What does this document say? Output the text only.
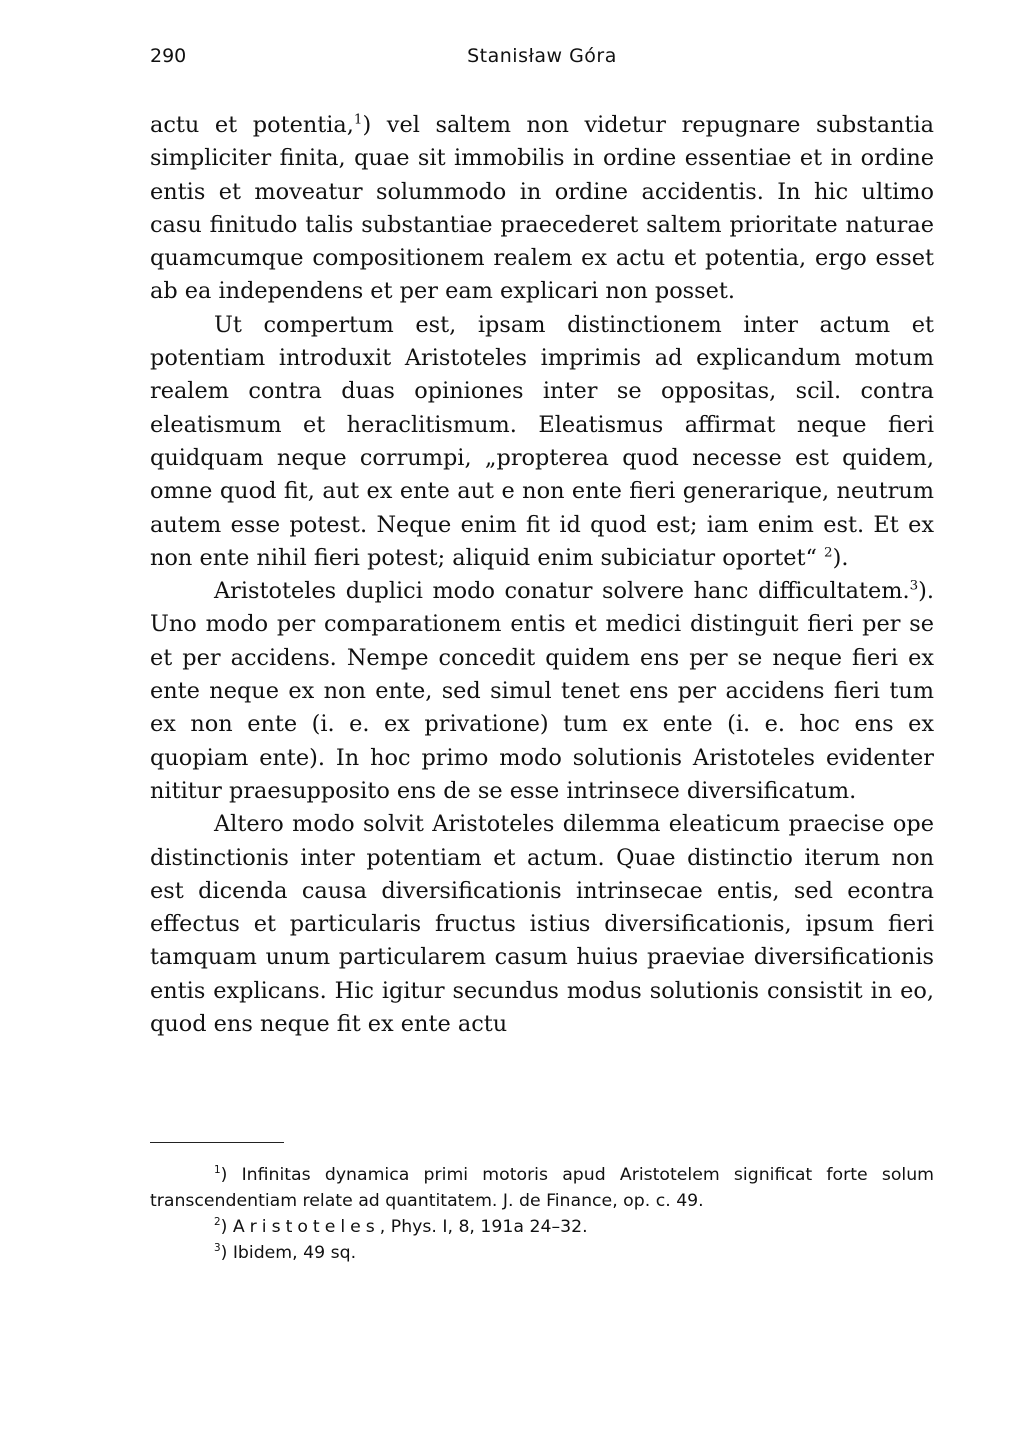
290	Stanisław Góra

actu et potentia,$^1$) vel saltem non videtur repugnare substantia simpliciter finita, quae sit immobilis in ordine essentiae et in ordine entis et moveatur solummodo in ordine accidentis. In hic ultimo casu finitudo talis substantiae praecederet saltem prioritate naturae quamcumque compositionem realem ex actu et potentia, ergo esset ab ea independens et per eam explicari non posset.

Ut compertum est, ipsam distinctionem inter actum et potentiam introduxit Aristoteles imprimis ad explicandum motum realem contra duas opiniones inter se oppositas, scil. contra eleatismum et heraclitismum. Eleatismus affirmat neque fieri quidquam neque corrumpi, „propterea quod necesse est quidem, omne quod fit, aut ex ente aut e non ente fieri generarique, neutrum autem esse potest. Neque enim fit id quod est; iam enim est. Et ex non ente nihil fieri potest; aliquid enim subiciatur oportet“ $^2$).

Aristoteles duplici modo conatur solvere hanc difficultatem.$^3$). Uno modo per comparationem entis et medici distinguit fieri per se et per accidens. Nempe concedit quidem ens per se neque fieri ex ente neque ex non ente, sed simul tenet ens per accidens fieri tum ex non ente (i. e. ex privatione) tum ex ente (i. e. hoc ens ex quopiam ente). In hoc primo modo solutionis Aristoteles evidenter nititur praesupposito ens de se esse intrinsece diversificatum.

Altero modo solvit Aristoteles dilemma eleaticum praecise ope distinctionis inter potentiam et actum. Quae distinctio iterum non est dicenda causa diversificationis intrinsecae entis, sed econtra effectus et particularis fructus istius diversificationis, ipsum fieri tamquam unum particularem casum huius praeviae diversificationis entis explicans. Hic igitur secundus modus solutionis consistit in eo, quod ens neque fit ex ente actu

$^1$) Infinitas dynamica primi motoris apud Aristotelem significat forte solum transcendentiam relate ad quantitatem. J. de Finance, op. c. 49.

$^2$) Aristoteles, Phys. I, 8, 191a 24–32.

$^3$) Ibidem, 49 sq.
